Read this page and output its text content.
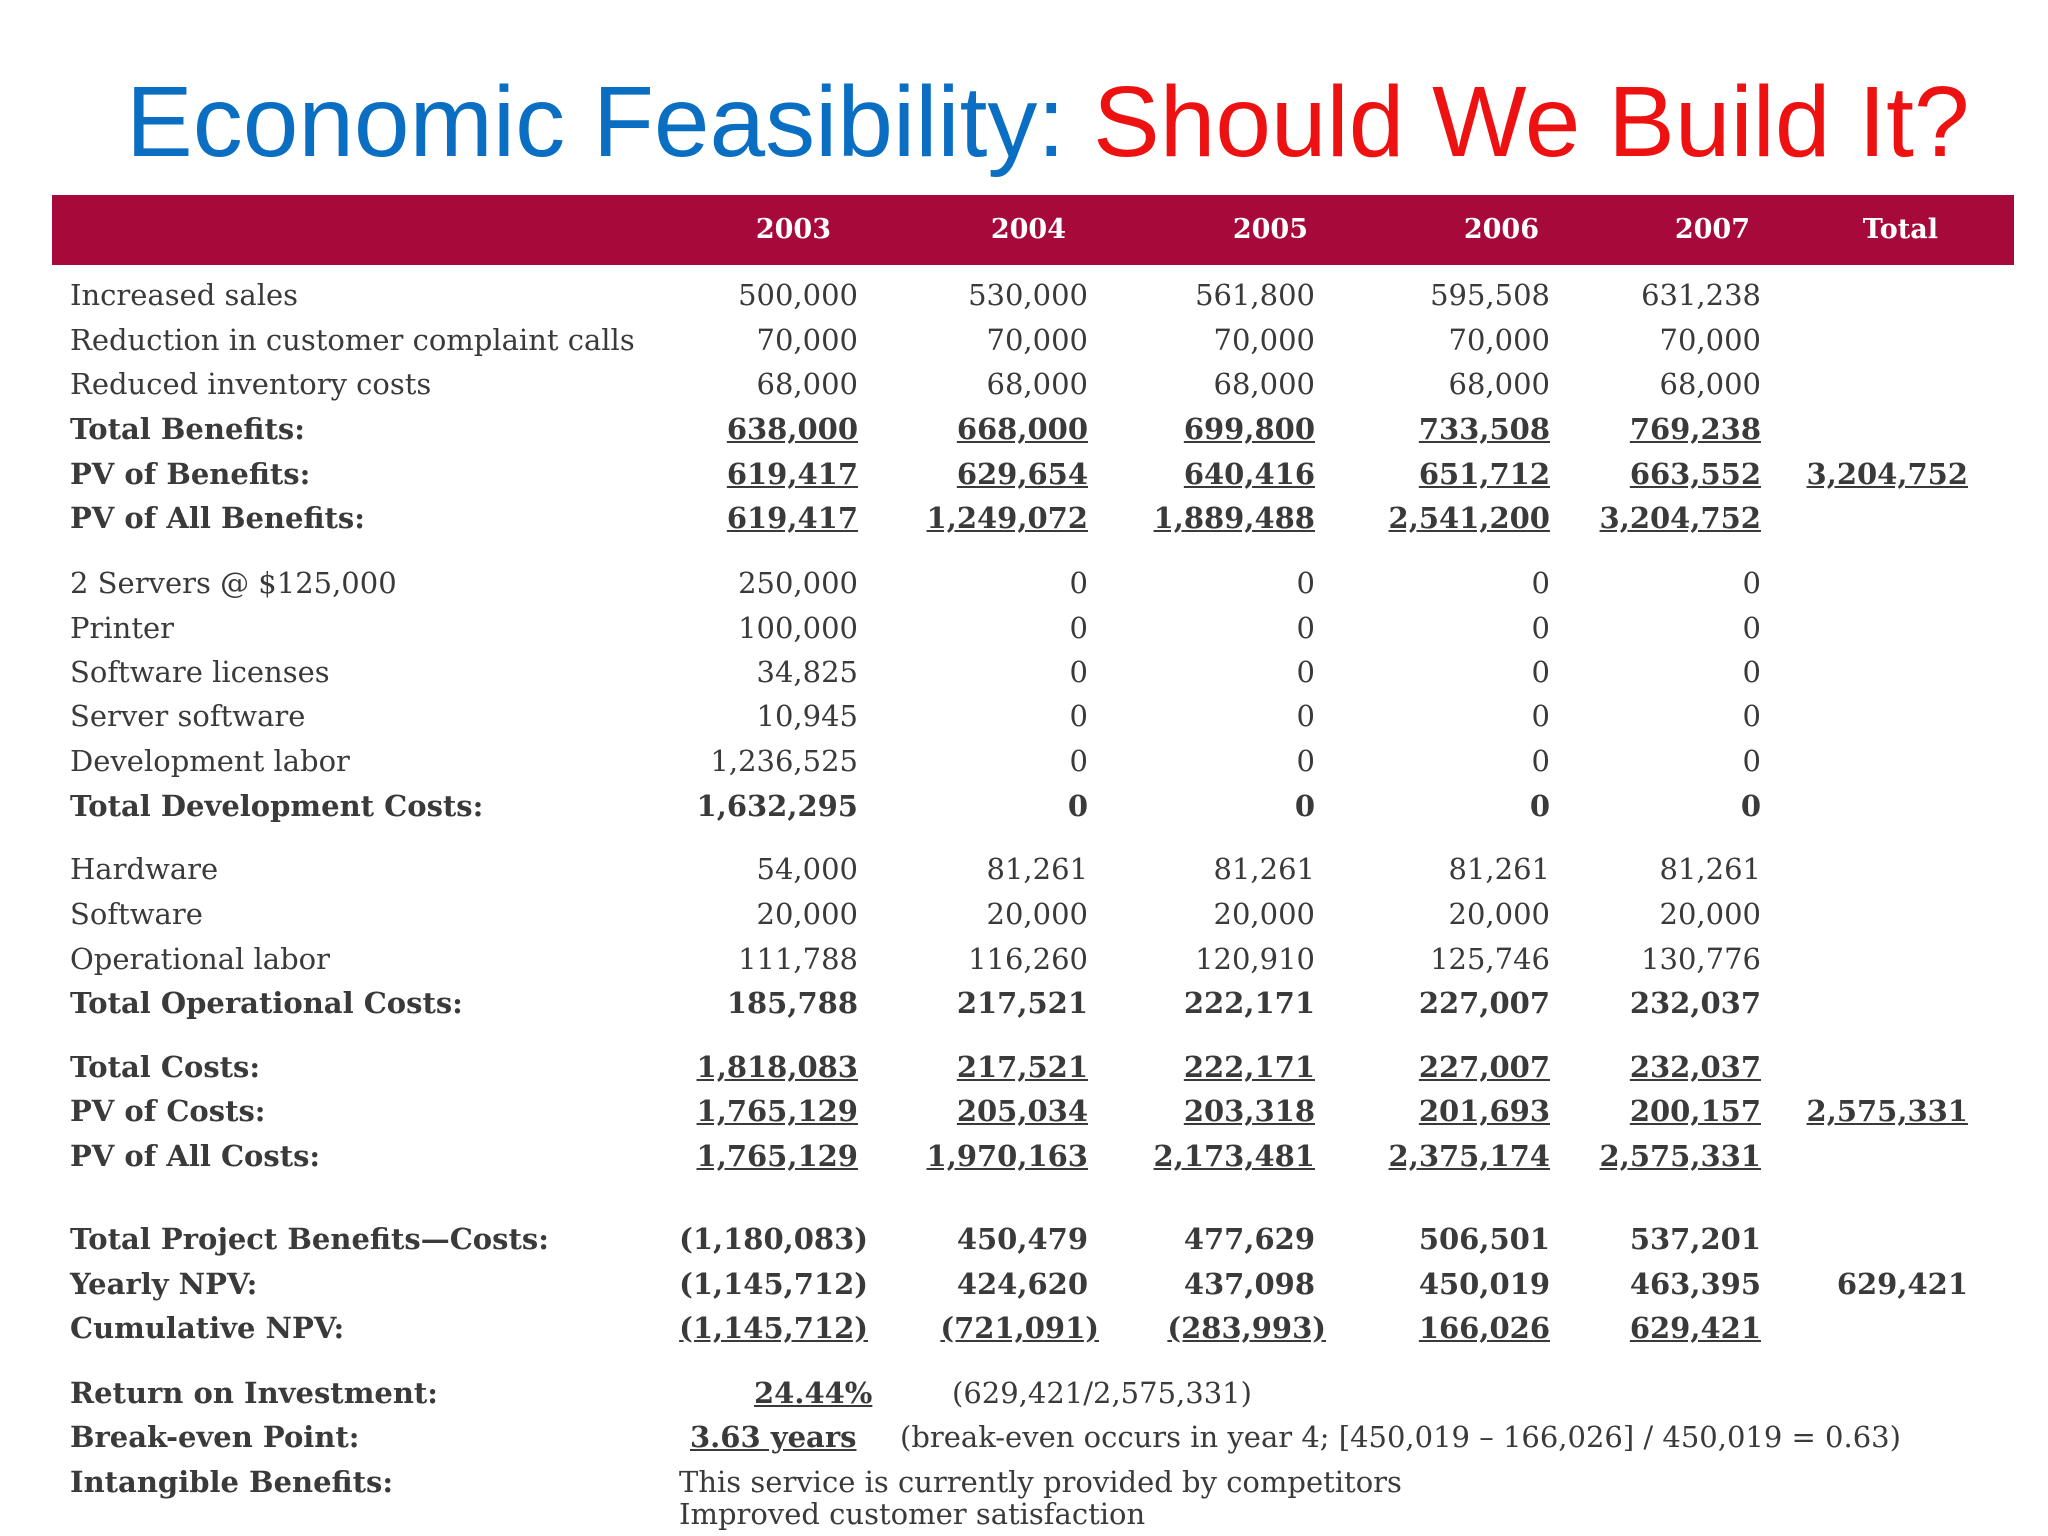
Economic Feasibility: Should We Build It?
2003	2004	2005	2006	2007	Total
Increased sales	500,000	530,000	561,800	595,508	631,238
Reduction in customer complaint calls	70,000	70,000	70,000	70,000	70,000
Reduced inventory costs	68,000	68,000	68,000	68,000	68,000
Total Benefits:	638,000	668,000	699,800	733,508	769,238
PV of Benefits:	619,417	629,654	640,416	651,712	663,552 3,204,752
PV of All Benefits:	619,417 1,249,072 1,889,488	2,541,200 3,204,752
2 Servers @ $125,000	250,000	0	0	0	0
Printer	100,000	0	0	0	0
Software licenses	34,825	0	0	0	0
Server software	10,945	0	0	0	0
Development labor	1,236,525	0	0	0	0
Total Development Costs:	1,632,295	0	0	0	0
Hardware	54,000	81,261	81,261	81,261	81,261
Software	20,000	20,000	20,000	20,000	20,000
Operational labor	111,788	116,260	120,910	125,746	130,776
Total Operational Costs:	185,788	217,521	222,171	227,007	232,037
Total Costs:	1,818,083	217,521	222,171	227,007	232,037
PV of Costs:	1,765,129	205,034	203,318	201,693	200,157 2,575,331
PV of All Costs:	1,765,129 1,970,163 2,173,481	2,375,174 2,575,331
Total Project Benefits—Costs:	(1,180,083)	450,479	477,629	506,501	537,201
Yearly NPV:	(1,145,712)	424,620	437,098	450,019	463,395	629,421
Cumulative NPV:	(1,145,712) (721,091) (283,993)	166,026	629,421
Return on Investment:	24.44%	(629,421/2,575,331)
Break-even Point:	3.63 years (break-even occurs in year 4; [450,019 – 166,026] / 450,019 = 0.63)
Intangible Benefits:	This service is currently provided by competitors
Improved customer satisfaction
